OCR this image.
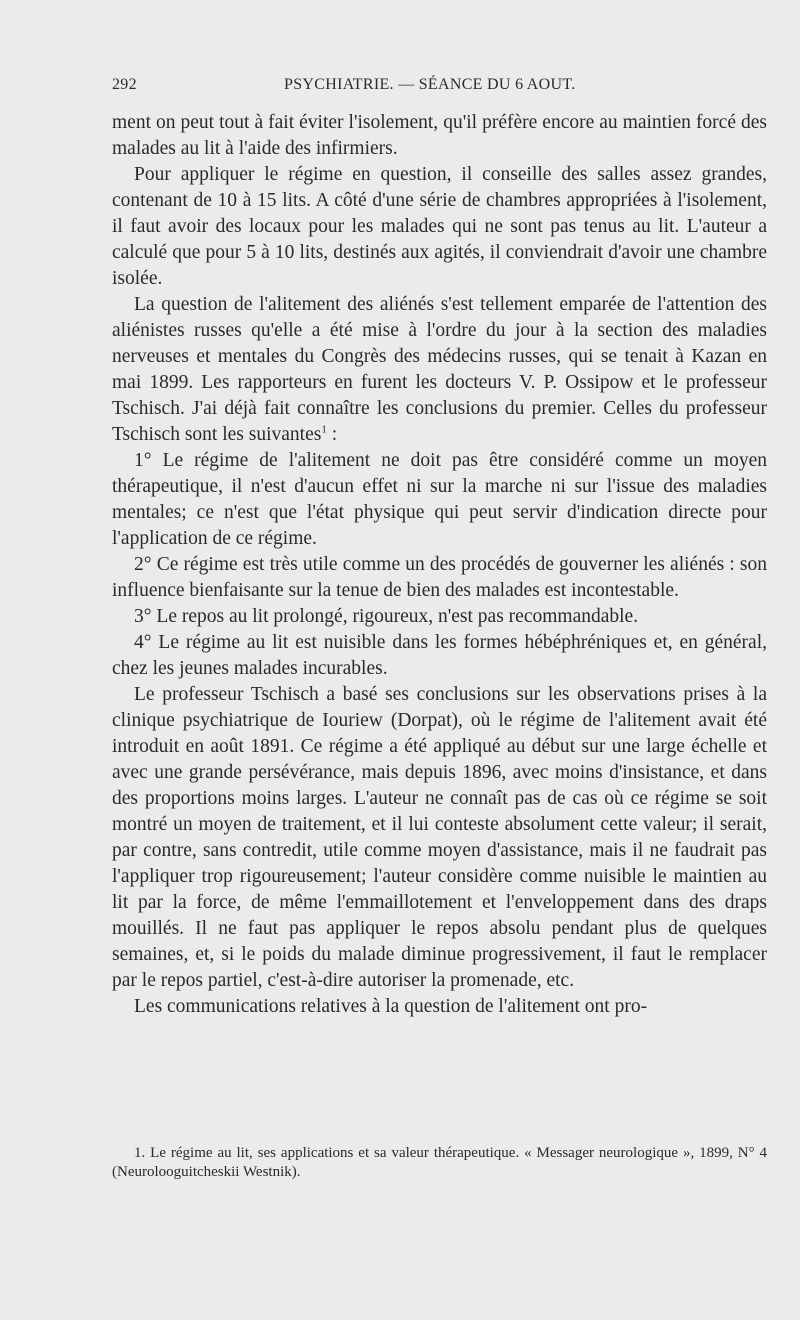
292	PSYCHIATRIE. — SÉANCE DU 6 AOUT.

ment on peut tout à fait éviter l'isolement, qu'il préfère encore au maintien forcé des malades au lit à l'aide des infirmiers.

Pour appliquer le régime en question, il conseille des salles assez grandes, contenant de 10 à 15 lits. A côté d'une série de chambres appropriées à l'isolement, il faut avoir des locaux pour les malades qui ne sont pas tenus au lit. L'auteur a calculé que pour 5 à 10 lits, destinés aux agités, il conviendrait d'avoir une chambre isolée.

La question de l'alitement des aliénés s'est tellement emparée de l'attention des aliénistes russes qu'elle a été mise à l'ordre du jour à la section des maladies nerveuses et mentales du Congrès des médecins russes, qui se tenait à Kazan en mai 1899. Les rapporteurs en furent les docteurs V. P. Ossipow et le professeur Tschisch. J'ai déjà fait connaître les conclusions du premier. Celles du professeur Tschisch sont les suivantes$^1$ :

1° Le régime de l'alitement ne doit pas être considéré comme un moyen thérapeutique, il n'est d'aucun effet ni sur la marche ni sur l'issue des maladies mentales; ce n'est que l'état physique qui peut servir d'indication directe pour l'application de ce régime.

2° Ce régime est très utile comme un des procédés de gouverner les aliénés : son influence bienfaisante sur la tenue de bien des malades est incontestable.

3° Le repos au lit prolongé, rigoureux, n'est pas recommandable.

4° Le régime au lit est nuisible dans les formes hébéphréniques et, en général, chez les jeunes malades incurables.

Le professeur Tschisch a basé ses conclusions sur les observations prises à la clinique psychiatrique de Iouriew (Dorpat), où le régime de l'alitement avait été introduit en août 1891. Ce régime a été appliqué au début sur une large échelle et avec une grande persévérance, mais depuis 1896, avec moins d'insistance, et dans des proportions moins larges. L'auteur ne connaît pas de cas où ce régime se soit montré un moyen de traitement, et il lui conteste absolument cette valeur; il serait, par contre, sans contredit, utile comme moyen d'assistance, mais il ne faudrait pas l'appliquer trop rigoureusement; l'auteur considère comme nuisible le maintien au lit par la force, de même l'emmaillotement et l'enveloppement dans des draps mouillés. Il ne faut pas appliquer le repos absolu pendant plus de quelques semaines, et, si le poids du malade diminue progressivement, il faut le remplacer par le repos partiel, c'est-à-dire autoriser la promenade, etc.

Les communications relatives à la question de l'alitement ont pro-

1. Le régime au lit, ses applications et sa valeur thérapeutique. « Messager neurologique », 1899, N° 4 (Neurolooguitcheskii Westnik).
